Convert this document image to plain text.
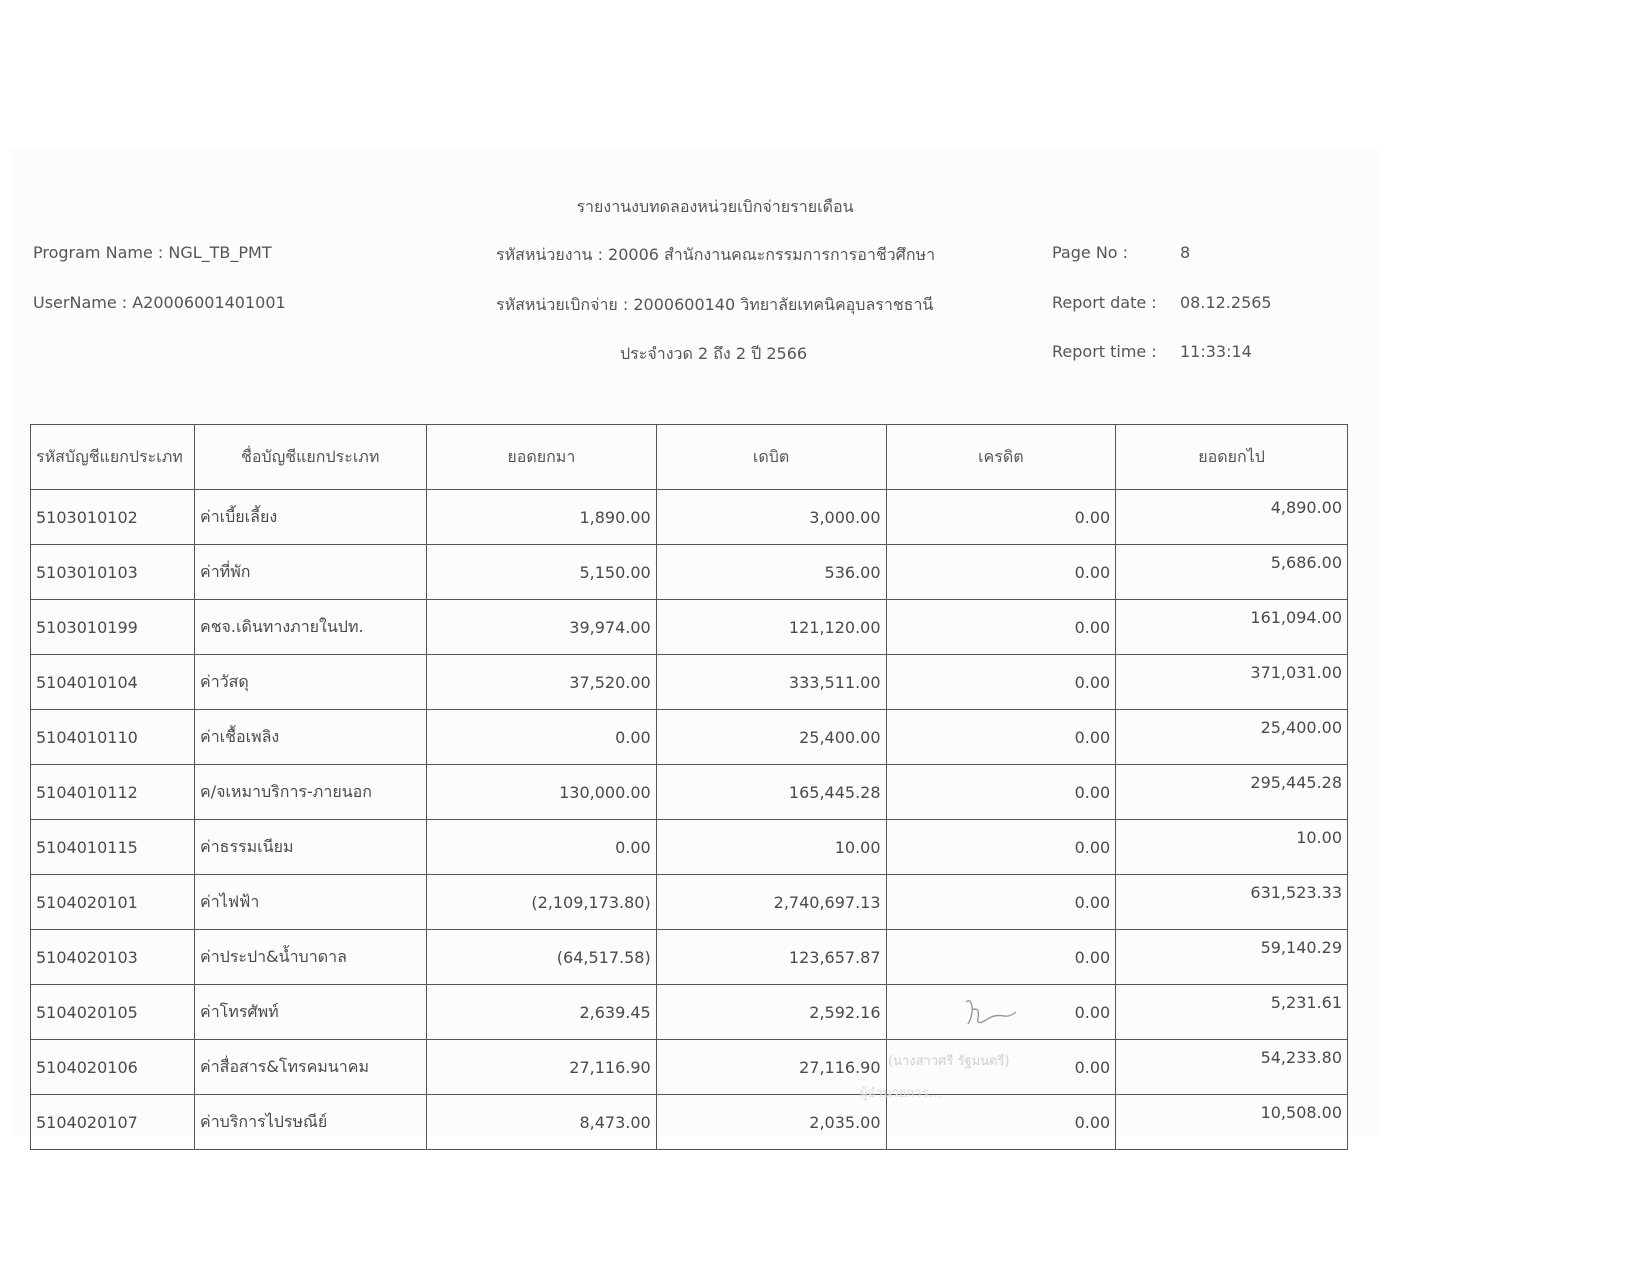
รายงานงบทดลองหน่วยเบิกจ่ายรายเดือน
Program Name : NGL_TB_PMT
UserName : A20006001401001
รหัสหน่วยงาน : 20006 สำนักงานคณะกรรมการการอาชีวศึกษา
รหัสหน่วยเบิกจ่าย : 2000600140 วิทยาลัยเทคนิคอุบลราชธานี
ประจำงวด 2 ถึง 2 ปี 2566
Page No :	8
Report date : 08.12.2565
Report time : 11:33:14
รหัสบัญชีแยกประเภท	ชื่อบัญชีแยกประเภท	ยอดยกมา	เดบิต	เครดิต	ยอดยกไป
5103010102	ค่าเบี้ยเลี้ยง	1,890.00	3,000.00	0.00	4,890.00
5103010103	ค่าที่พัก	5,150.00	536.00	0.00	5,686.00
5103010199	คชจ.เดินทางภายในปท.	39,974.00	121,120.00	0.00	161,094.00
5104010104	ค่าวัสดุ	37,520.00	333,511.00	0.00	371,031.00
5104010110	ค่าเชื้อเพลิง	0.00	25,400.00	0.00	25,400.00
5104010112	ค/จเหมาบริการ-ภายนอก	130,000.00	165,445.28	0.00	295,445.28
5104010115	ค่าธรรมเนียม	0.00	10.00	0.00	10.00
5104020101	ค่าไฟฟ้า	(2,109,173.80)	2,740,697.13	0.00	631,523.33
5104020103	ค่าประปา&น้ำบาดาล	(64,517.58)	123,657.87	0.00	59,140.29
5104020105	ค่าโทรศัพท์	2,639.45	2,592.16	0.00	5,231.61
5104020106	ค่าสื่อสาร&โทรคมนาคม	27,116.90	27,116.90	0.00	54,233.80
5104020107	ค่าบริการไปรษณีย์	8,473.00	2,035.00	0.00	10,508.00
(นางสาวศรี รัฐมนตรี)
ผู้อำนวยการ...
